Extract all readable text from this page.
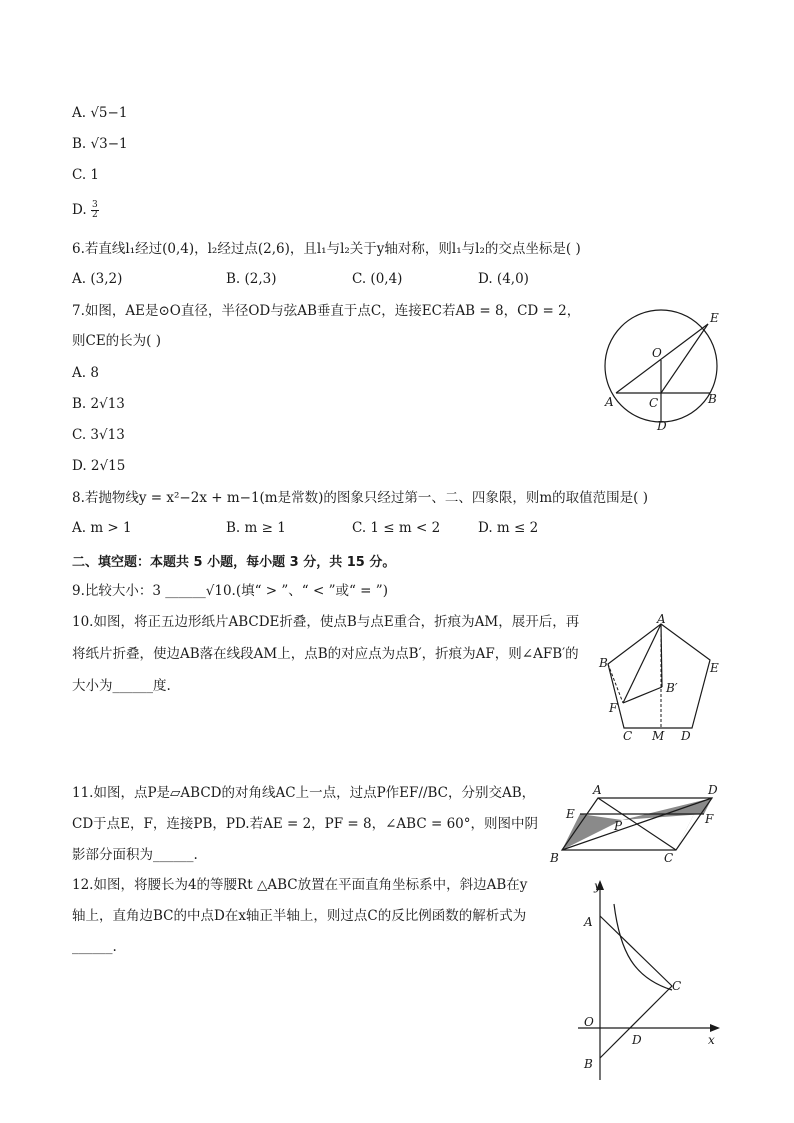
A. √5−1
B. √3−1
C. 1
D. $\frac{3}{2}$
6.若直线l₁经过(0,4)，l₂经过点(2,6)，且l₁与l₂关于y轴对称，则l₁与l₂的交点坐标是( )
A. (3,2)	B. (2,3)	C. (0,4)	D. (4,0)
7.如图，AE是⊙O直径，半径OD与弦AB垂直于点C，连接EC若AB = 8，CD = 2，
则CE的长为( )
A. 8
B. 2√13
C. 3√13
D. 2√15
E
O
A	C	B
D
8.若抛物线y = x²−2x + m−1(m是常数)的图象只经过第一、二、四象限，则m的取值范围是( )
A. m > 1	B. m ≥ 1	C. 1 ≤ m < 2	D. m ≤ 2
二、填空题：本题共 5 小题，每小题 3 分，共 15 分。
9.比较大小：3 ______√10.(填“ > ”、“ < ”或“ = ”)
10.如图，将正五边形纸片ABCDE折叠，使点B与点E重合，折痕为AM，展开后，再
将纸片折叠，使边AB落在线段AM上，点B的对应点为点B′，折痕为AF，则∠AFB′的
大小为______度.
A
B	E
B′
F
C M D
11.如图，点P是▱ABCD的对角线AC上一点，过点P作EF//BC，分别交AB，
CD于点E，F，连接PB，PD.若AE = 2，PF = 8，∠ABC = 60°，则图中阴
影部分面积为______.
A	D
E	F
P
B	C
12.如图，将腰长为4的等腰Rt △ABC放置在平面直角坐标系中，斜边AB在y
轴上，直角边BC的中点D在x轴正半轴上，则过点C的反比例函数的解析式为
______.
y
x
A
C
O
D
B
